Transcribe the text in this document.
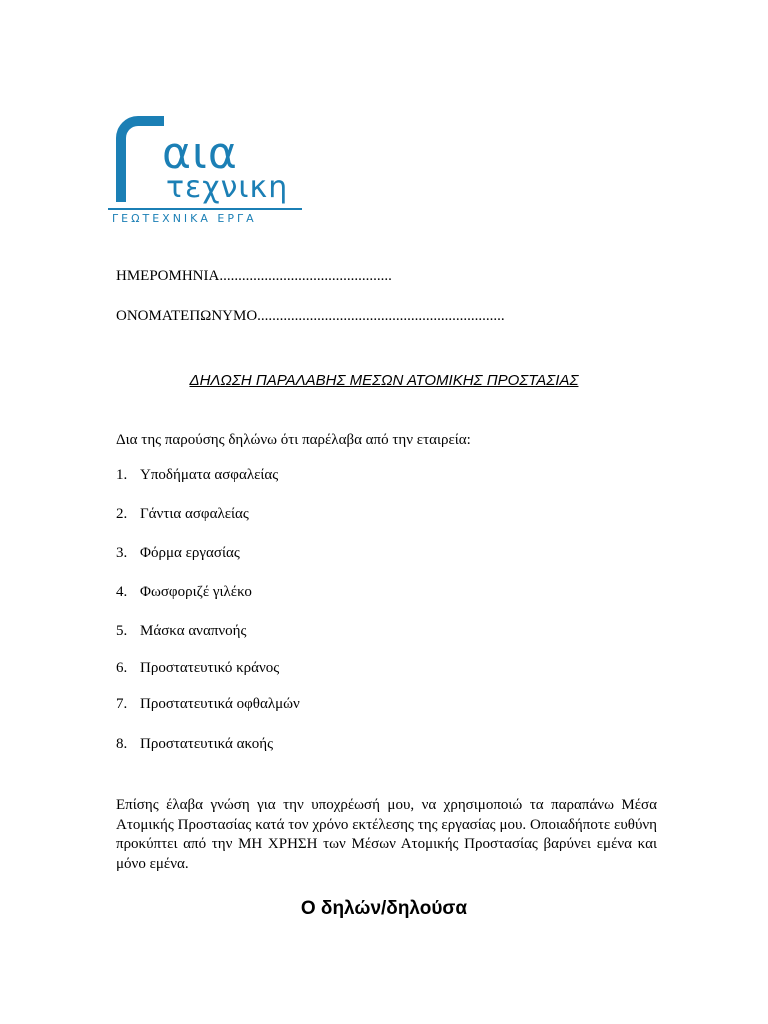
αια
τεχνικη
ΓΕΩΤΕΧΝΙΚΑ ΕΡΓΑ
ΗΜΕΡΟΜΗΝΙΑ..............................................
ΟΝΟΜΑΤΕΠΩΝΥΜΟ..................................................................
ΔΗΛΩΣΗ ΠΑΡΑΛΑΒΗΣ ΜΕΣΩΝ ΑΤΟΜΙΚΗΣ ΠΡΟΣΤΑΣΙΑΣ
Δια της παρούσης δηλώνω ότι παρέλαβα από την εταιρεία:
1. Υποδήματα ασφαλείας
2. Γάντια ασφαλείας
3. Φόρμα εργασίας
4. Φωσφοριζέ γιλέκο
5. Μάσκα αναπνοής
6. Προστατευτικό κράνος
7. Προστατευτικά οφθαλμών
8. Προστατευτικά ακοής
Επίσης έλαβα γνώση για την υποχρέωσή μου, να χρησιμοποιώ τα παραπάνω Μέσα Ατομικής Προστασίας κατά τον χρόνο εκτέλεσης της εργασίας μου. Οποιαδήποτε ευθύνη προκύπτει από την ΜΗ ΧΡΗΣΗ των Μέσων Ατομικής Προστασίας βαρύνει εμένα και μόνο εμένα.
Ο δηλών/δηλούσα
